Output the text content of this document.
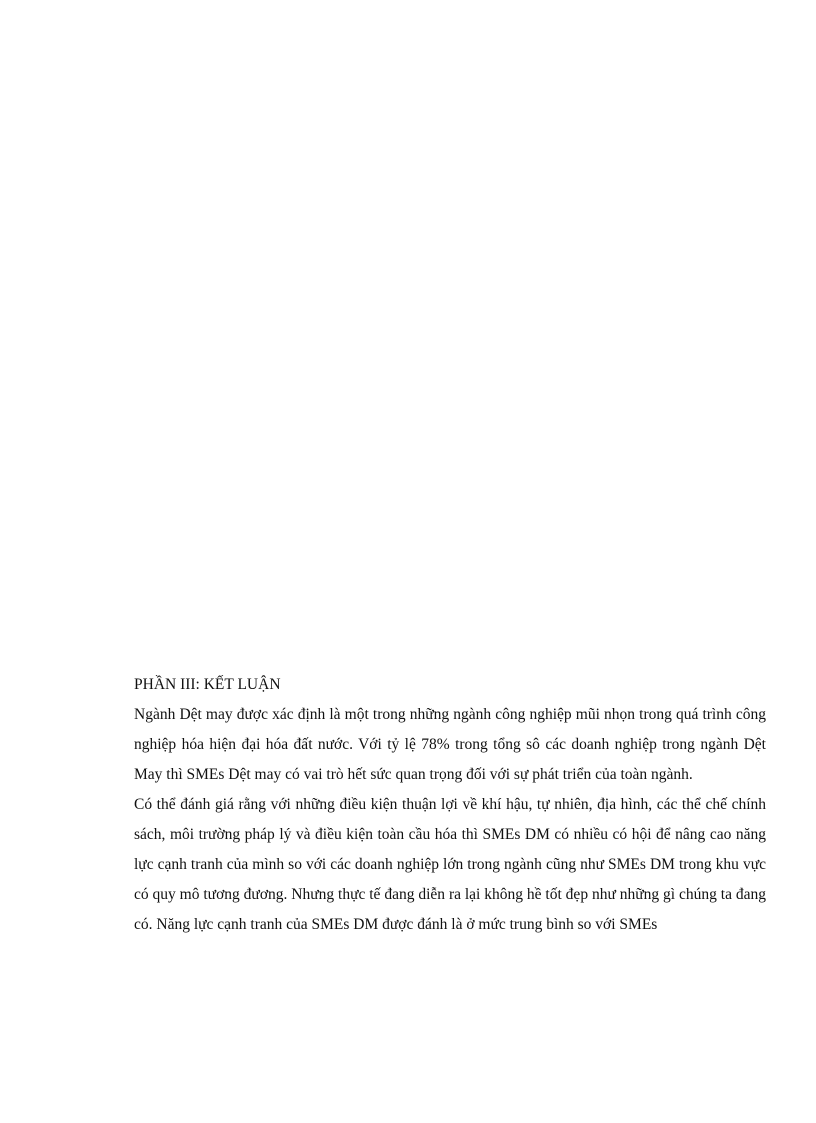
PHẦN III: KẾT LUẬN

Ngành Dệt may được xác định là một trong những ngành công nghiệp mũi nhọn trong quá trình công nghiệp hóa hiện đại hóa đất nước. Với tỷ lệ 78% trong tổng sô các doanh nghiệp trong ngành Dệt May thì SMEs Dệt may có vai trò hết sức quan trọng đối với sự phát triển của toàn ngành.

Có thể đánh giá rằng với những điều kiện thuận lợi về khí hậu, tự nhiên, địa hình, các thể chế chính sách, môi trường pháp lý và điều kiện toàn cầu hóa thì SMEs DM có nhiều có hội để nâng cao năng lực cạnh tranh của mình so với các doanh nghiệp lớn trong ngành cũng như SMEs DM trong khu vực có quy mô tương đương. Nhưng thực tế đang diễn ra lại không hề tốt đẹp như những gì chúng ta đang có. Năng lực cạnh tranh của SMEs DM được đánh là ở mức trung bình so với SMEs
